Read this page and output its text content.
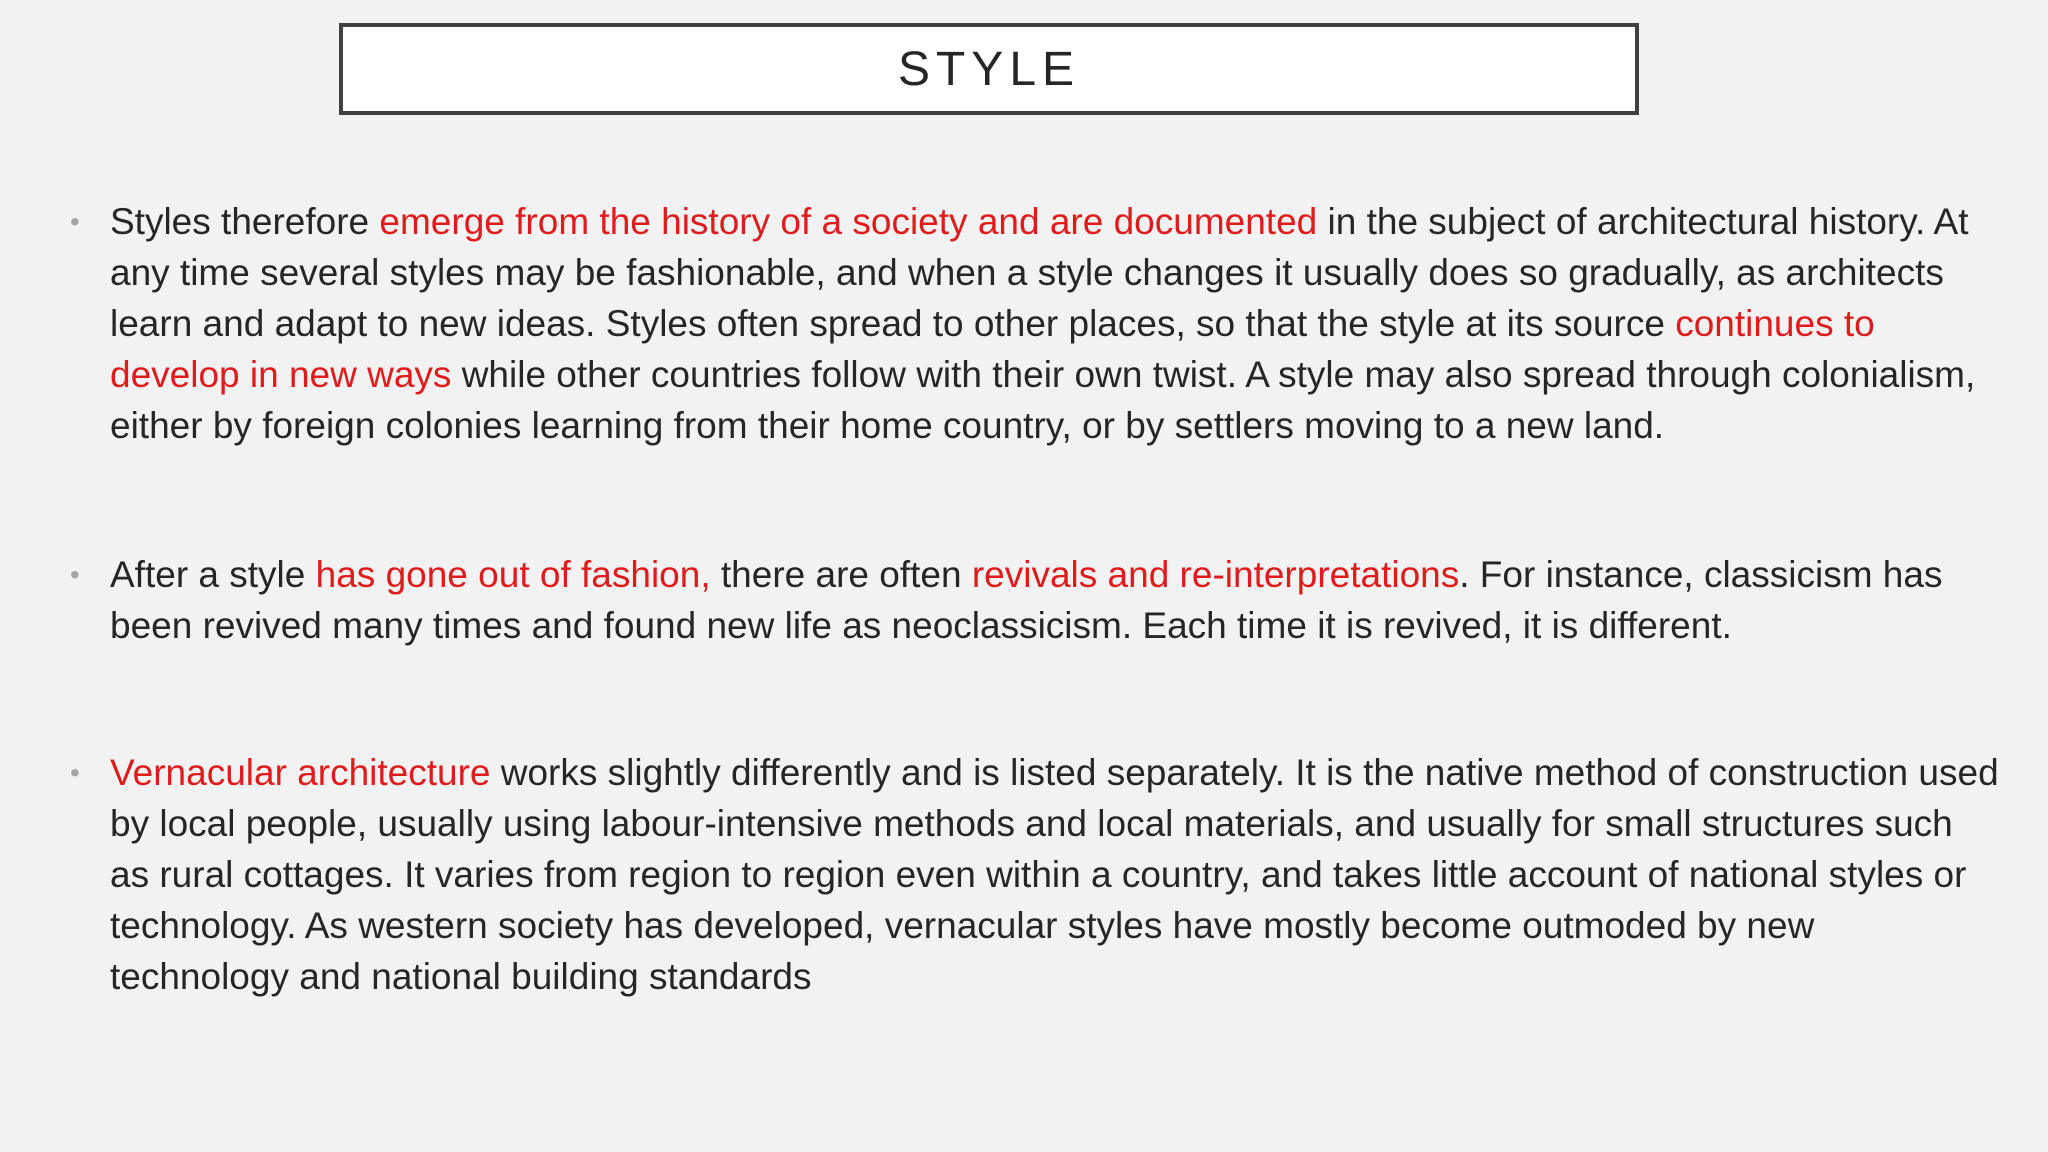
STYLE
• Styles therefore emerge from the history of a society and are documented in the subject of architectural history. At any time several styles may be fashionable, and when a style changes it usually does so gradually, as architects learn and adapt to new ideas. Styles often spread to other places, so that the style at its source continues to develop in new ways while other countries follow with their own twist. A style may also spread through colonialism, either by foreign colonies learning from their home country, or by settlers moving to a new land.

• After a style has gone out of fashion, there are often revivals and re-interpretations. For instance, classicism has been revived many times and found new life as neoclassicism. Each time it is revived, it is different.

• Vernacular architecture works slightly differently and is listed separately. It is the native method of construction used by local people, usually using labour-intensive methods and local materials, and usually for small structures such as rural cottages. It varies from region to region even within a country, and takes little account of national styles or technology. As western society has developed, vernacular styles have mostly become outmoded by new technology and national building standards
